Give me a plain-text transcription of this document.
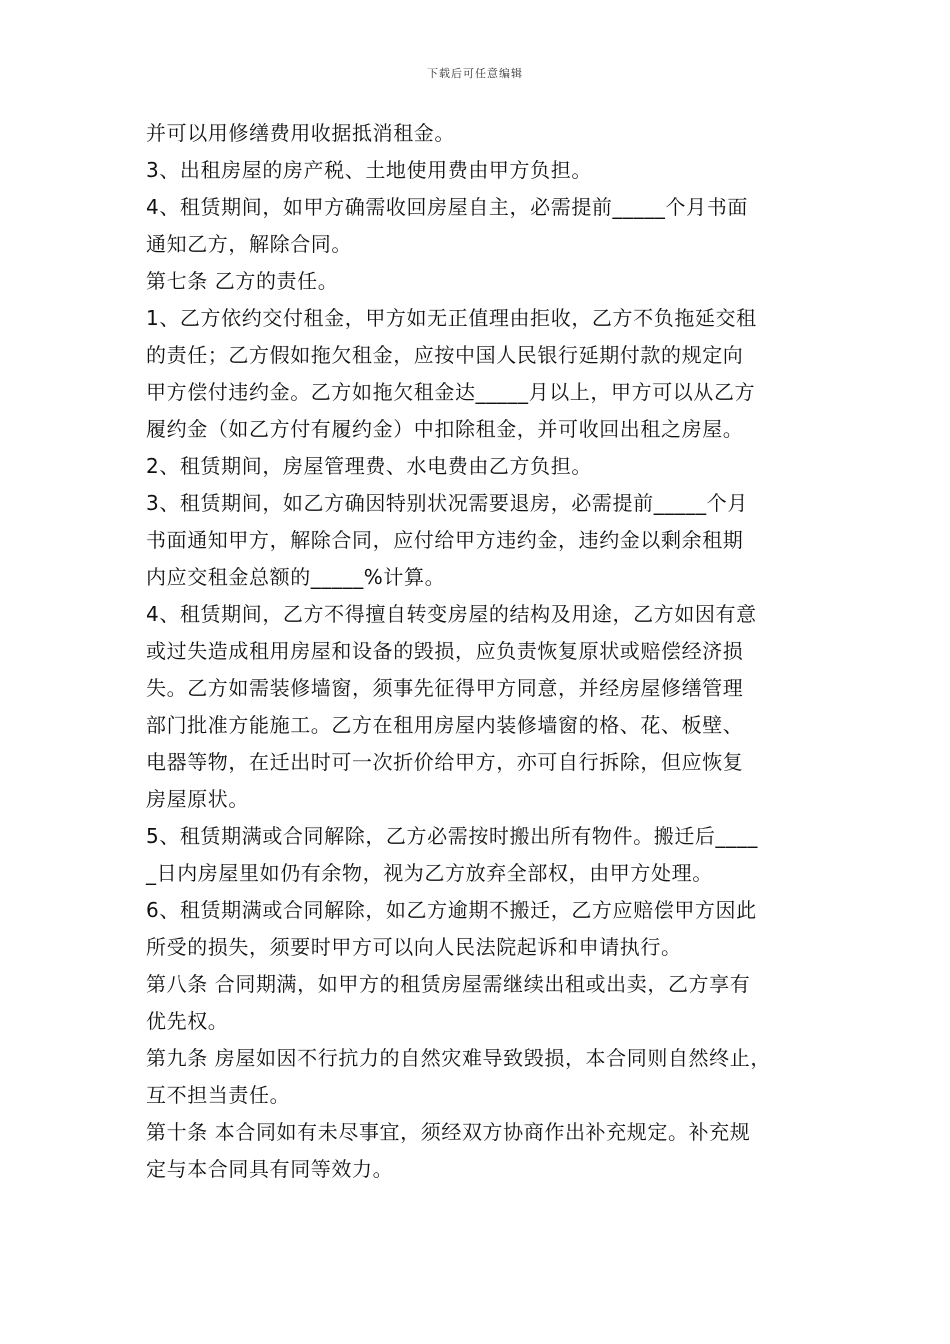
下载后可任意编辑

并可以用修缮费用收据抵消租金。

3、出租房屋的房产税、土地使用费由甲方负担。

4、租赁期间，如甲方确需收回房屋自主，必需提前_____个月书面

通知乙方，解除合同。

第七条 乙方的责任。

1、乙方依约交付租金，甲方如无正值理由拒收，乙方不负拖延交租

的责任；乙方假如拖欠租金，应按中国人民银行延期付款的规定向

甲方偿付违约金。乙方如拖欠租金达_____月以上，甲方可以从乙方

履约金（如乙方付有履约金）中扣除租金，并可收回出租之房屋。

2、租赁期间，房屋管理费、水电费由乙方负担。

3、租赁期间，如乙方确因特别状况需要退房，必需提前_____个月

书面通知甲方，解除合同，应付给甲方违约金，违约金以剩余租期

内应交租金总额的_____%计算。

4、租赁期间，乙方不得擅自转变房屋的结构及用途，乙方如因有意

或过失造成租用房屋和设备的毁损，应负责恢复原状或赔偿经济损

失。乙方如需装修墙窗，须事先征得甲方同意，并经房屋修缮管理

部门批准方能施工。乙方在租用房屋内装修墙窗的格、花、板壁、

电器等物，在迁出时可一次折价给甲方，亦可自行拆除，但应恢复

房屋原状。

5、租赁期满或合同解除，乙方必需按时搬出所有物件。搬迁后____

_日内房屋里如仍有余物，视为乙方放弃全部权，由甲方处理。

6、租赁期满或合同解除，如乙方逾期不搬迁，乙方应赔偿甲方因此

所受的损失，须要时甲方可以向人民法院起诉和申请执行。

第八条 合同期满，如甲方的租赁房屋需继续出租或出卖，乙方享有

优先权。

第九条 房屋如因不行抗力的自然灾难导致毁损，本合同则自然终止，

互不担当责任。

第十条 本合同如有未尽事宜，须经双方协商作出补充规定。补充规

定与本合同具有同等效力。
